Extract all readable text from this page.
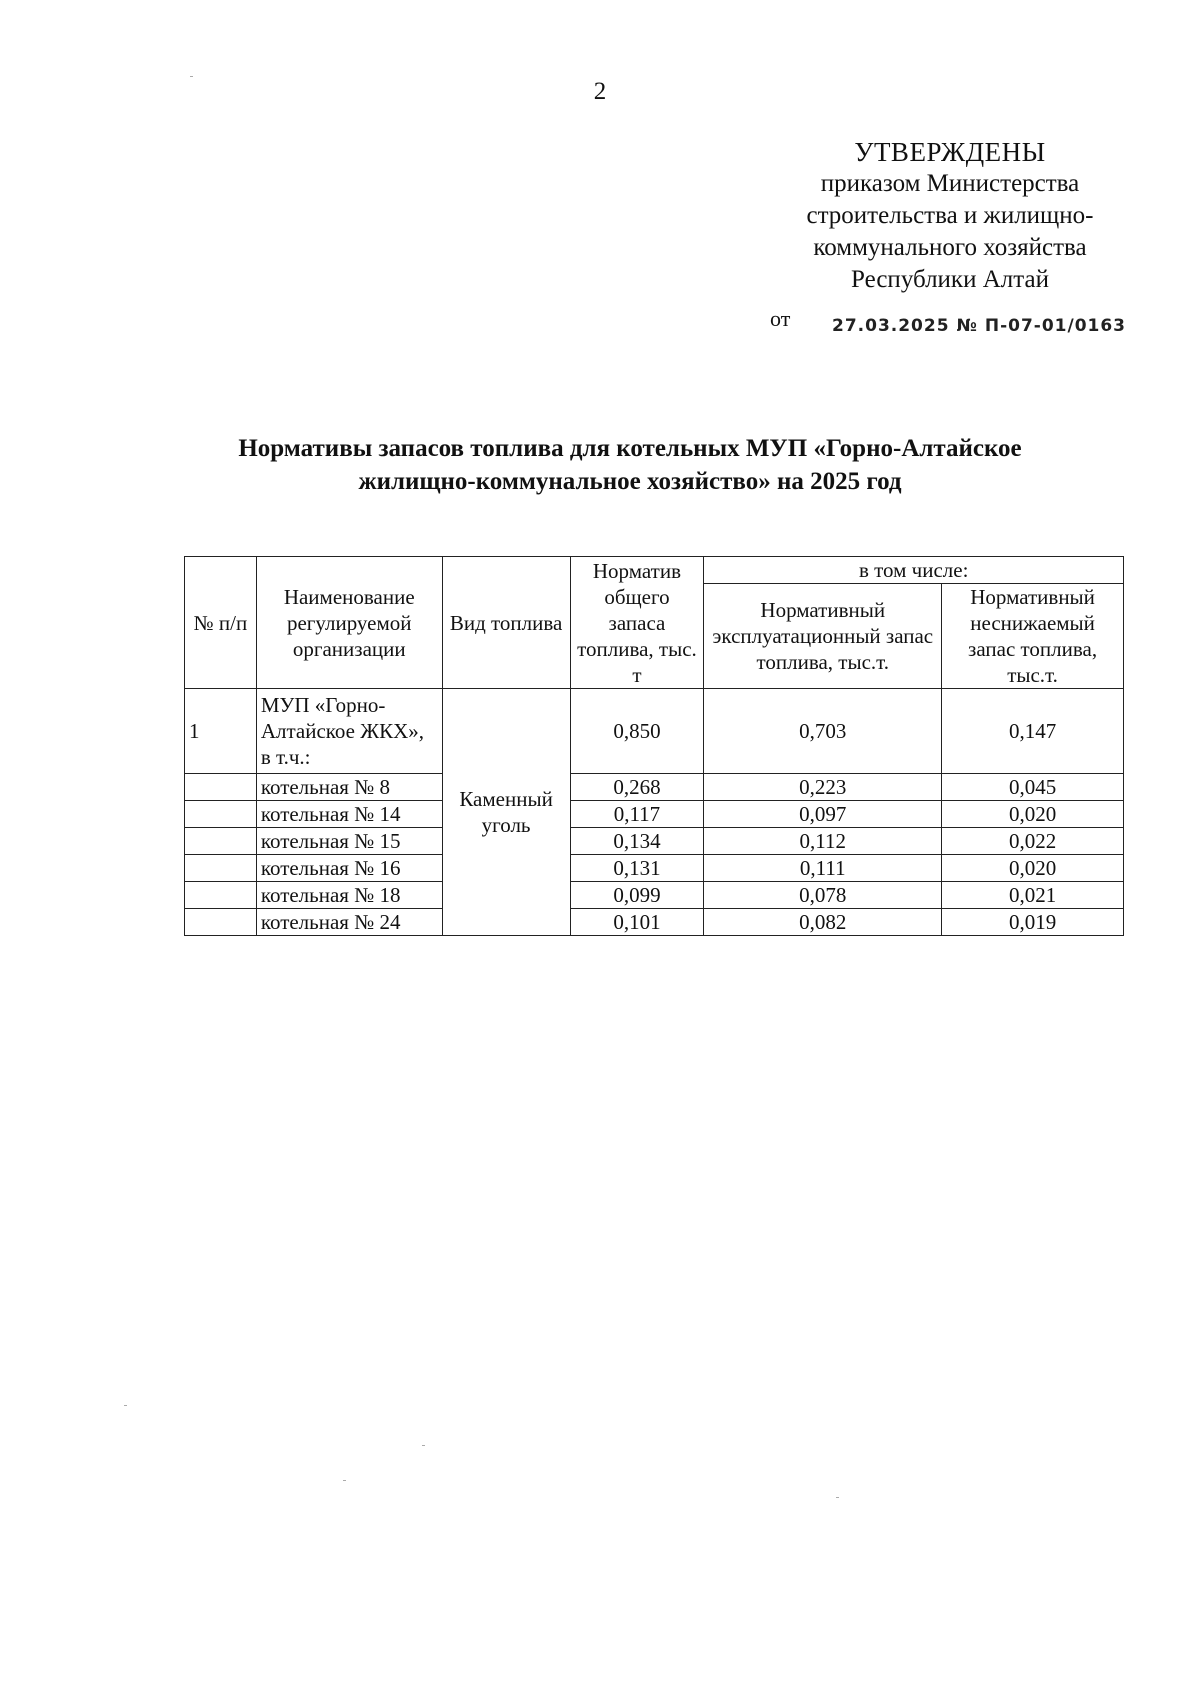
2
УТВЕРЖДЕНЫ
приказом Министерства
строительства и жилищно-
коммунального хозяйства
Республики Алтай
от 27.03.2025 № П-07-01/0163
Нормативы запасов топлива для котельных МУП «Горно-Алтайское
жилищно-коммунальное хозяйство» на 2025 год
№ п/п	Наименование регулируемой организации	Вид топлива	Норматив общего запаса топлива, тыс. т	в том числе:	
				Нормативный эксплуатационный запас топлива, тыс.т.	Нормативный неснижаемый запас топлива, тыс.т.
1	МУП «Горно-Алтайское ЖКХ», в т.ч.:	Каменный уголь	0,850	0,703	0,147
	котельная № 8		0,268	0,223	0,045
	котельная № 14		0,117	0,097	0,020
	котельная № 15		0,134	0,112	0,022
	котельная № 16		0,131	0,111	0,020
	котельная № 18		0,099	0,078	0,021
	котельная № 24		0,101	0,082	0,019
